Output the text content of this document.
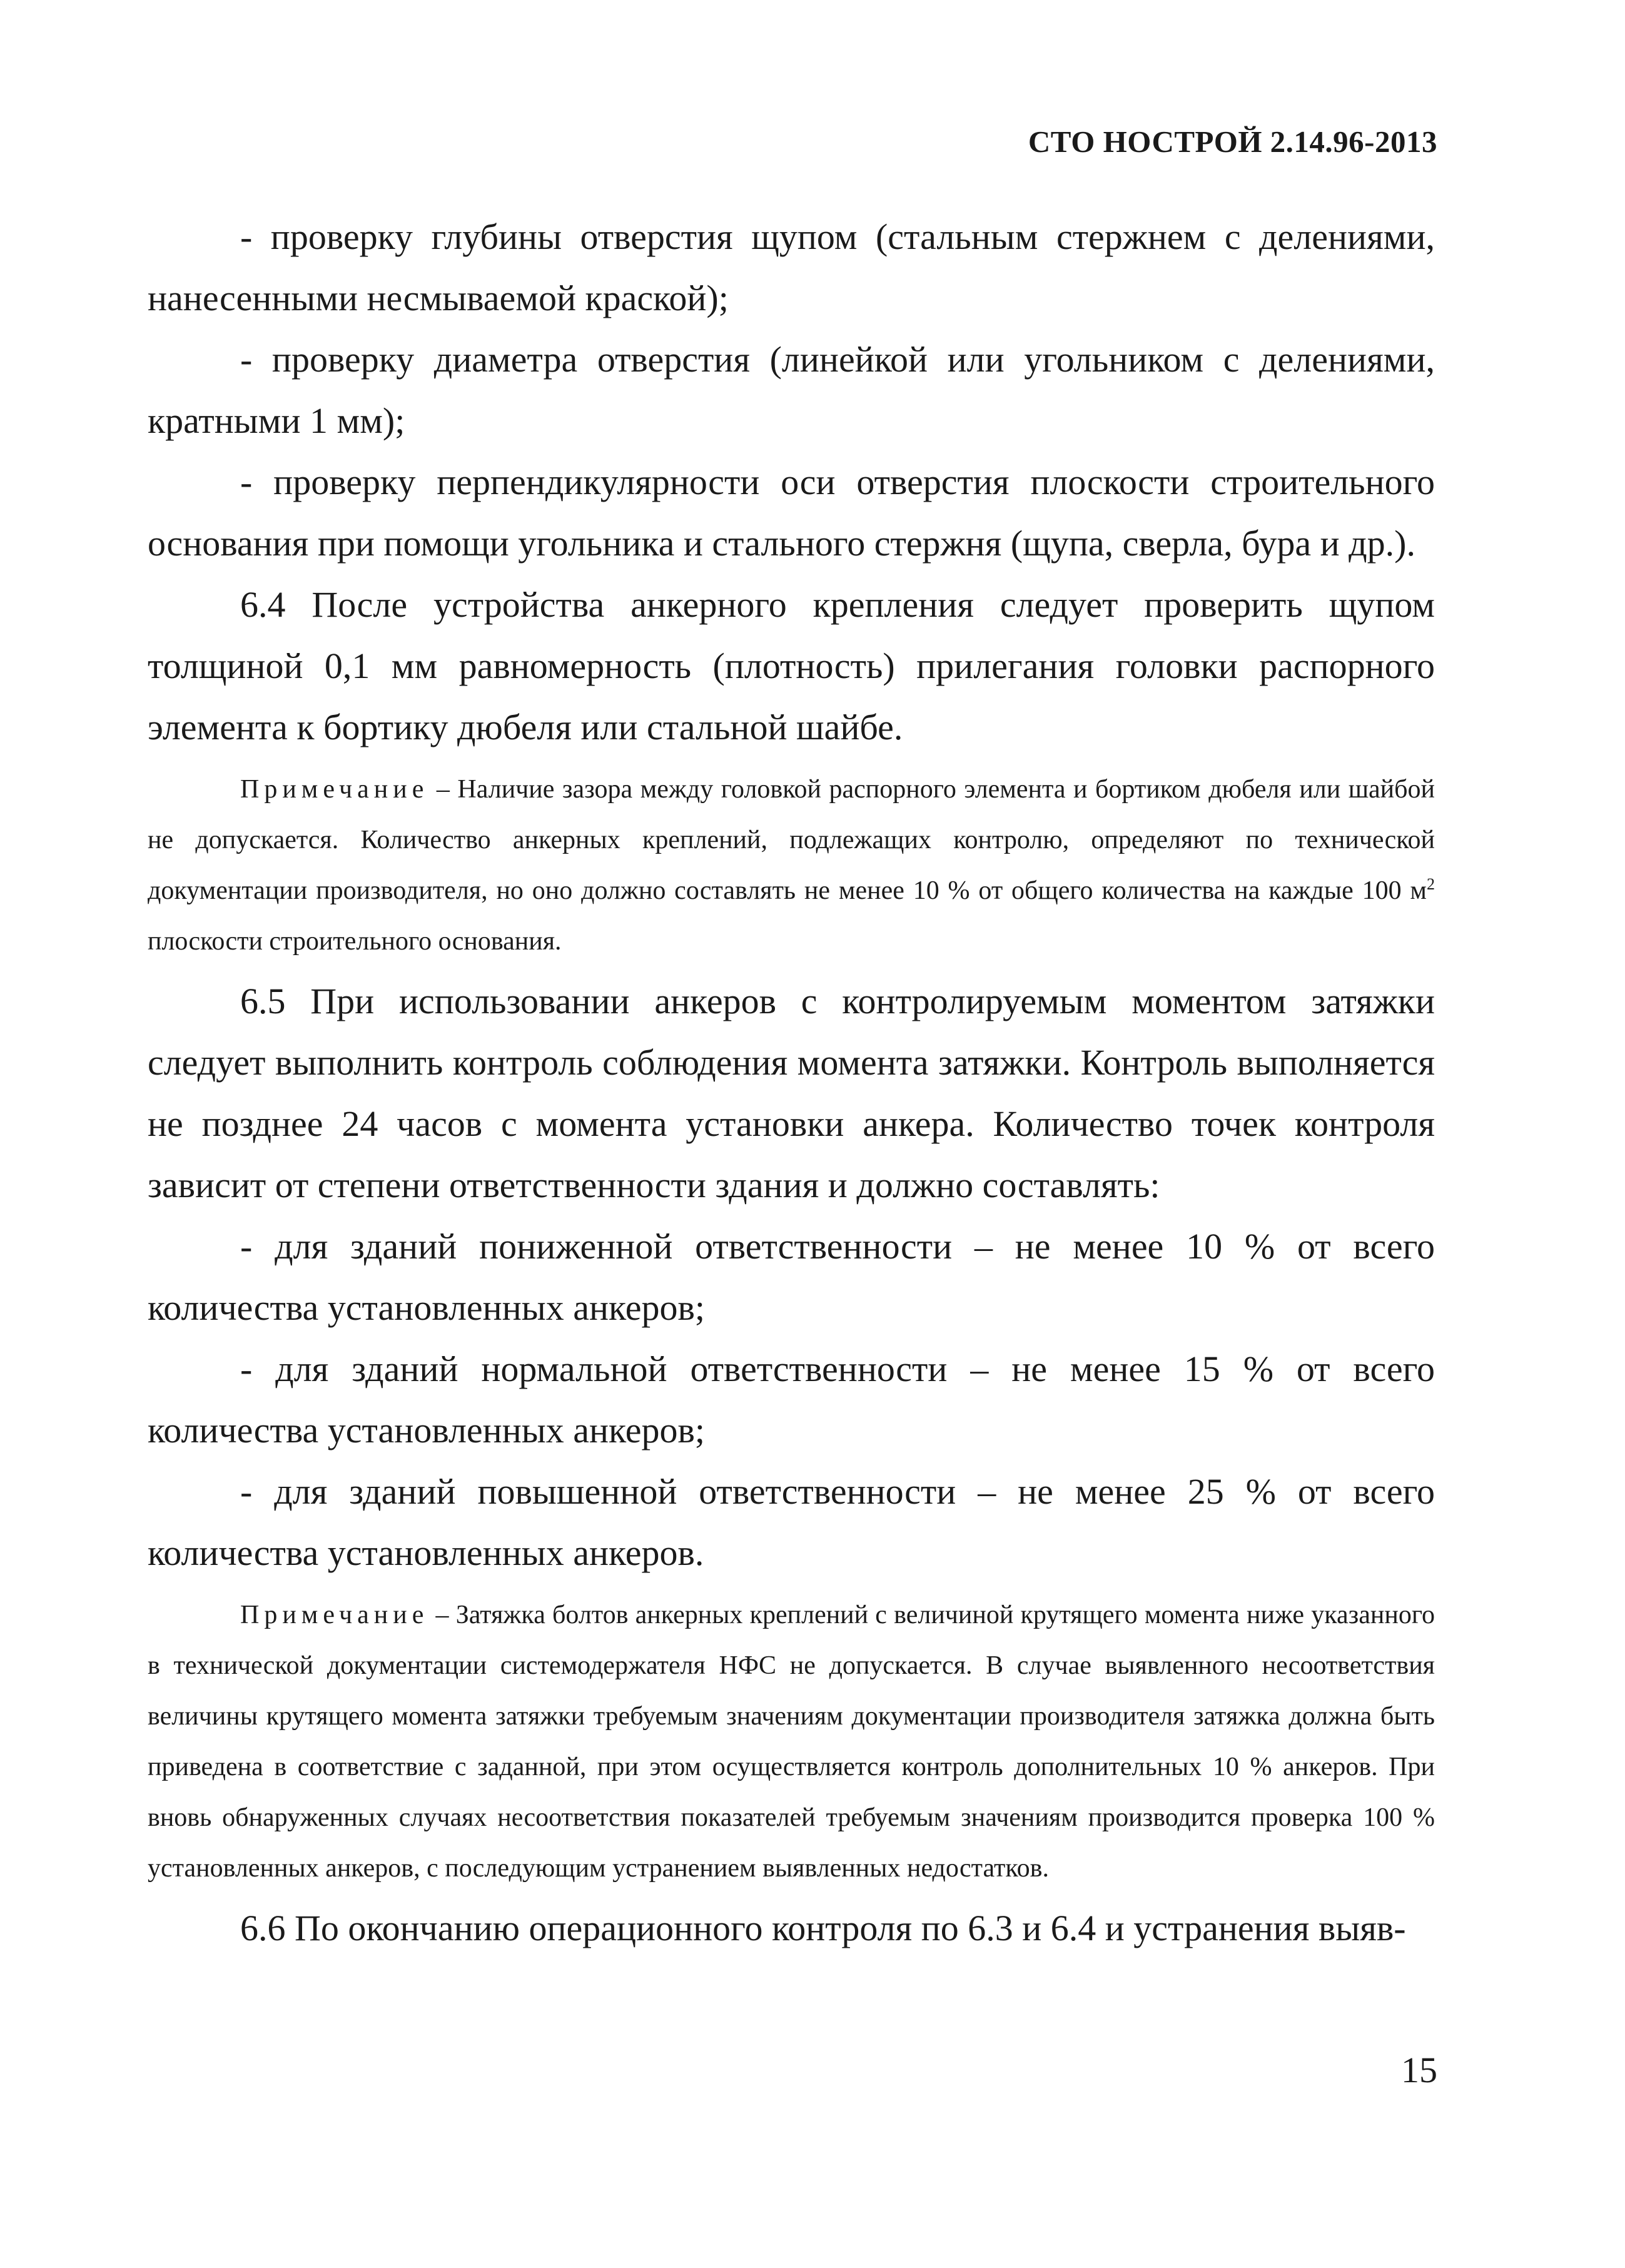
СТО НОСТРОЙ 2.14.96-2013

- проверку глубины отверстия щупом (стальным стержнем с делениями, нанесенными несмываемой краской);

- проверку диаметра отверстия (линейкой или угольником с делениями, кратными 1 мм);

- проверку перпендикулярности оси отверстия плоскости строительного основания при помощи угольника и стального стержня (щупа, сверла, бура и др.).

6.4 После устройства анкерного крепления следует проверить щупом толщиной 0,1 мм равномерность (плотность) прилегания головки распорного элемента к бортику дюбеля или стальной шайбе.

Примечание – Наличие зазора между головкой распорного элемента и бортиком дюбеля или шайбой не допускается. Количество анкерных креплений, подлежащих контролю, определяют по технической документации производителя, но оно должно составлять не менее 10 % от общего количества на каждые 100 $м^2$ плоскости строительного основания.

6.5 При использовании анкеров с контролируемым моментом затяжки следует выполнить контроль соблюдения момента затяжки. Контроль выполняется не позднее 24 часов с момента установки анкера. Количество точек контроля зависит от степени ответственности здания и должно составлять:

- для зданий пониженной ответственности – не менее 10 % от всего количества установленных анкеров;

- для зданий нормальной ответственности – не менее 15 % от всего количества установленных анкеров;

- для зданий повышенной ответственности – не менее 25 % от всего количества установленных анкеров.

Примечание – Затяжка болтов анкерных креплений с величиной крутящего момента ниже указанного в технической документации системодержателя НФС не допускается. В случае выявленного несоответствия величины крутящего момента затяжки требуемым значениям документации производителя затяжка должна быть приведена в соответствие с заданной, при этом осуществляется контроль дополнительных 10 % анкеров. При вновь обнаруженных случаях несоответствия показателей требуемым значениям производится проверка 100 % установленных анкеров, с последующим устранением выявленных недостатков.

6.6 По окончанию операционного контроля по 6.3 и 6.4 и устранения выяв-

15
